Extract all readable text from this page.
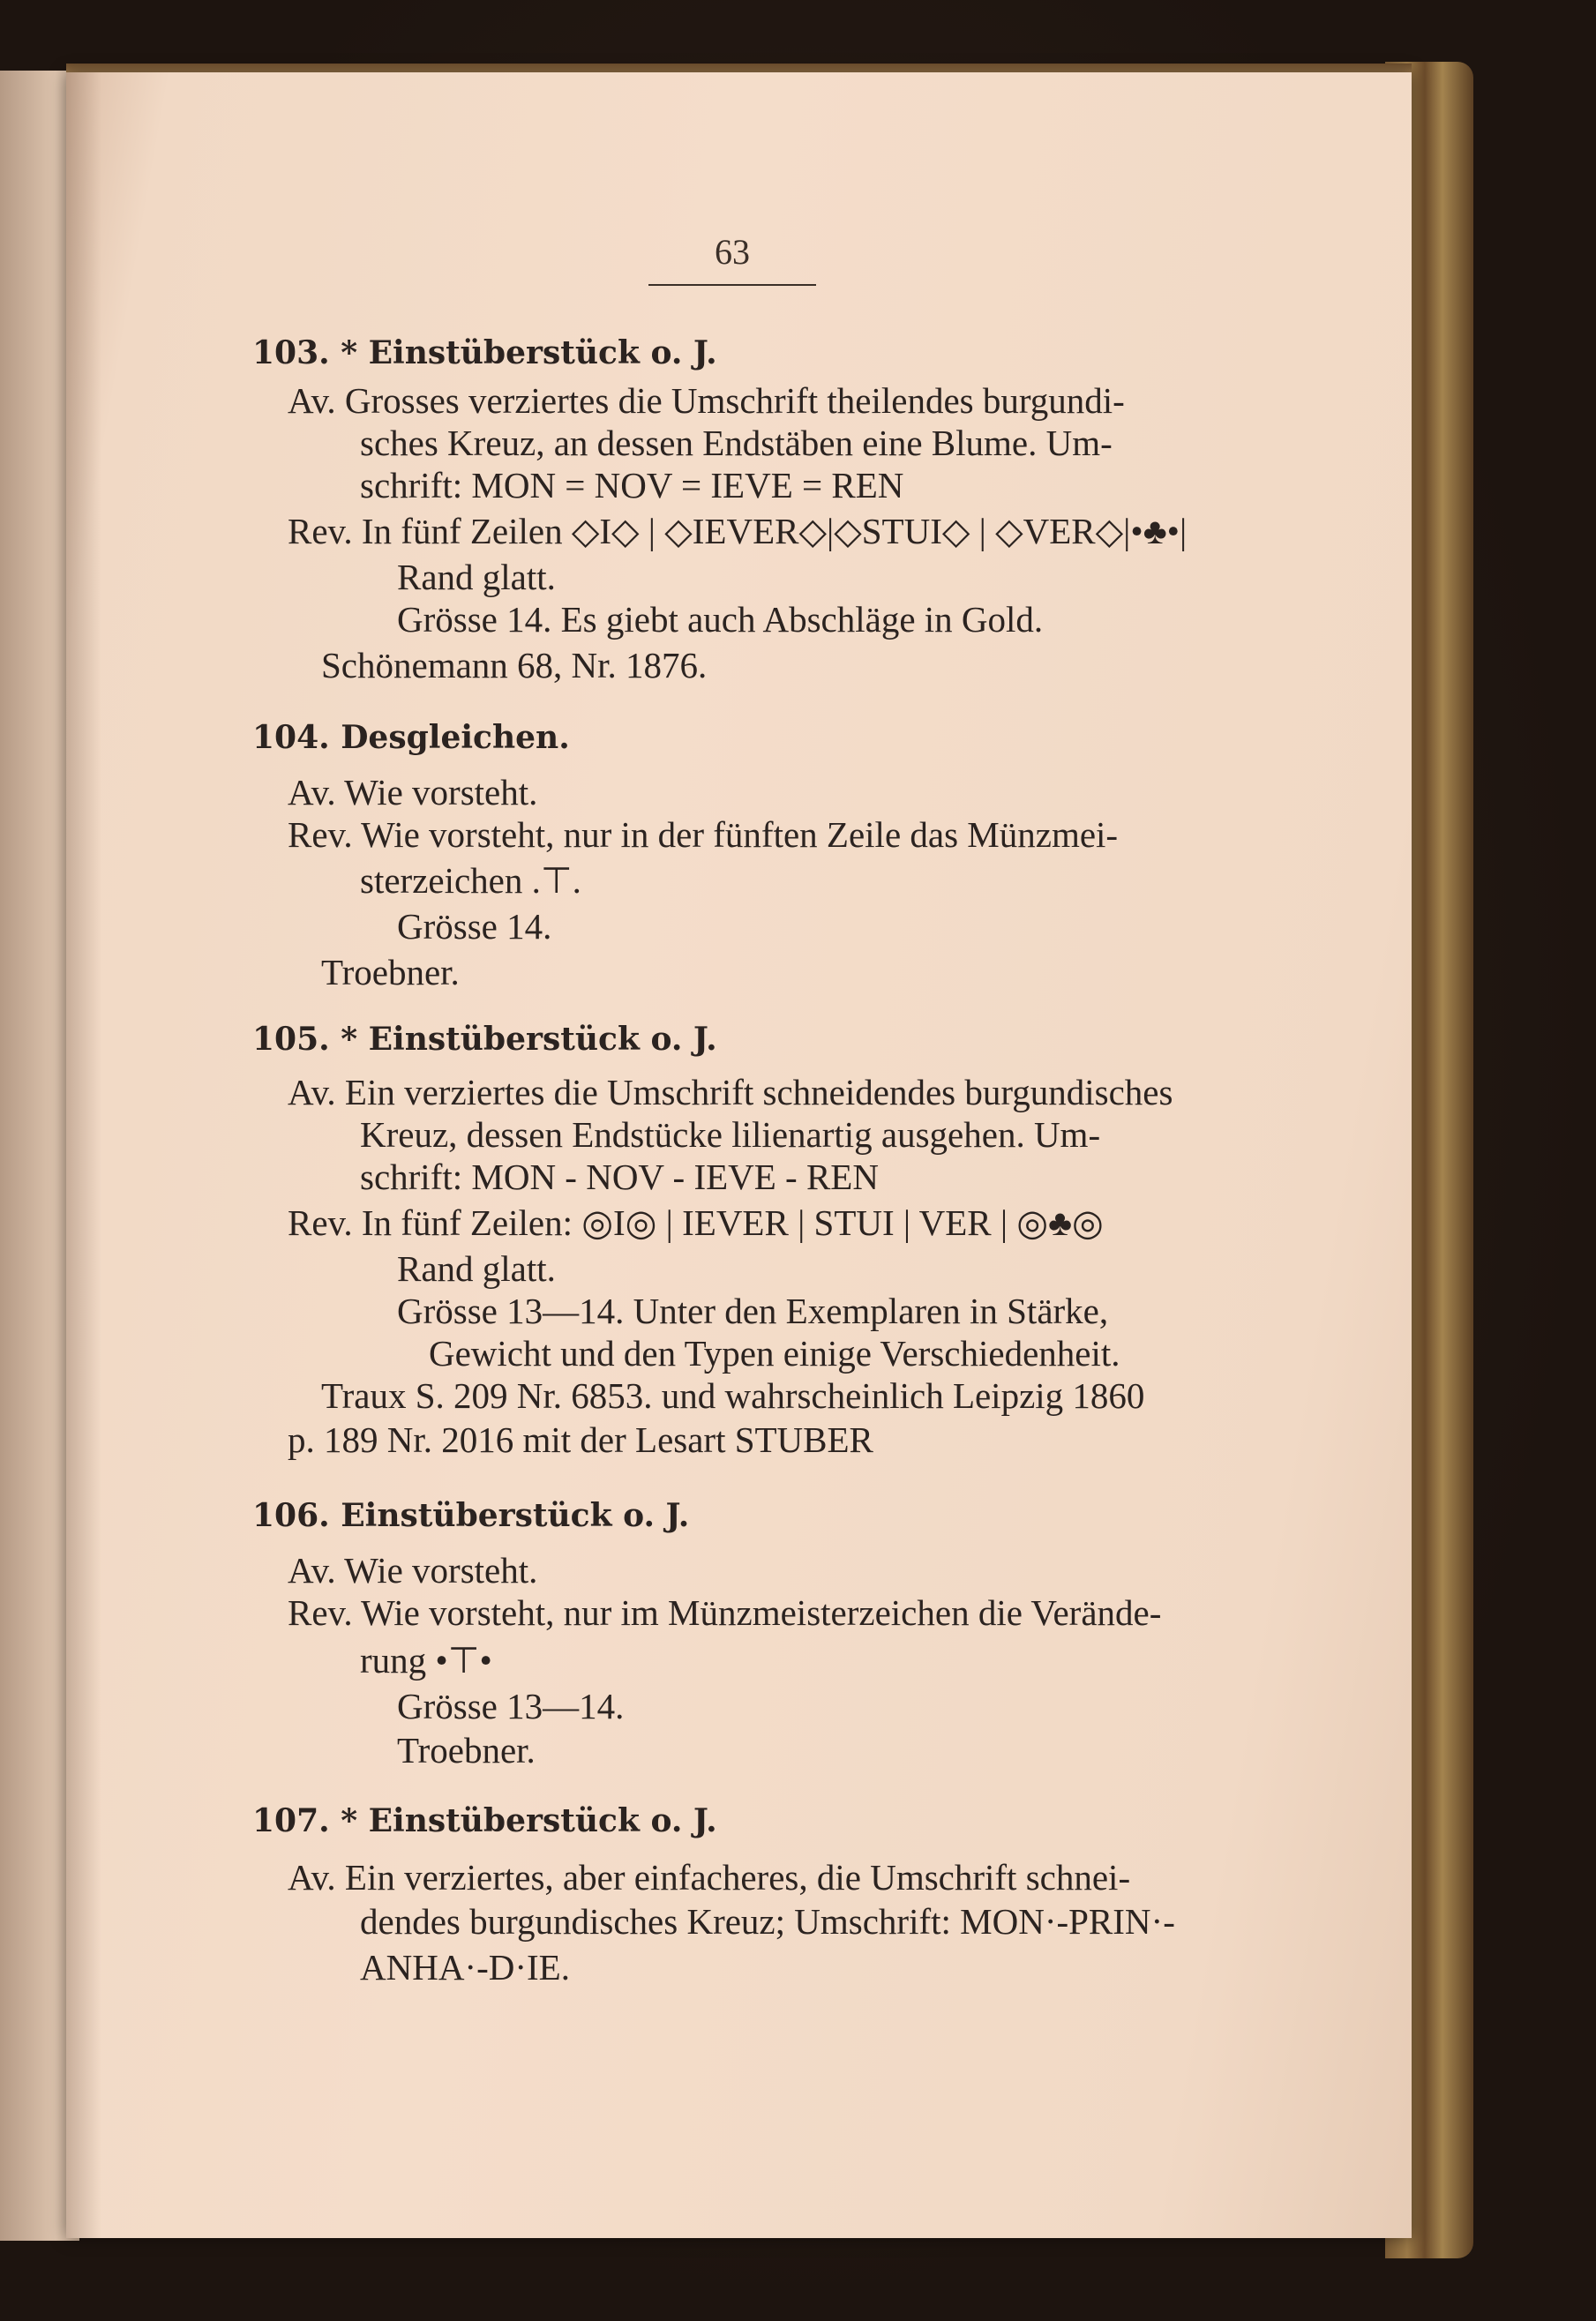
63
103. * Einstüberstück o. J.
Av. Grosses verziertes die Umschrift theilendes burgundi-
sches Kreuz, an dessen Endstäben eine Blume. Um-
schrift: MON = NOV = IEVE = REN
Rev. In fünf Zeilen ◇I◇ | ◇IEVER◇|◇STUI◇ | ◇VER◇|•♣•|
Rand glatt.
Grösse 14. Es giebt auch Abschläge in Gold.
Schönemann 68, Nr. 1876.
104. Desgleichen.
Av. Wie vorsteht.
Rev. Wie vorsteht, nur in der fünften Zeile das Münzmei-
sterzeichen .⊤.
Grösse 14.
Troebner.
105. * Einstüberstück o. J.
Av. Ein verziertes die Umschrift schneidendes burgundisches
Kreuz, dessen Endstücke lilienartig ausgehen. Um-
schrift: MON - NOV - IEVE - REN
Rev. In fünf Zeilen: ◎I◎ | IEVER | STUI | VER | ◎♣◎
Rand glatt.
Grösse 13—14. Unter den Exemplaren in Stärke,
Gewicht und den Typen einige Verschiedenheit.
Traux S. 209 Nr. 6853. und wahrscheinlich Leipzig 1860
p. 189 Nr. 2016 mit der Lesart STUBER
106. Einstüberstück o. J.
Av. Wie vorsteht.
Rev. Wie vorsteht, nur im Münzmeisterzeichen die Verände-
rung •⊤•
Grösse 13—14.
Troebner.
107. * Einstüberstück o. J.
Av. Ein verziertes, aber einfacheres, die Umschrift schnei-
dendes burgundisches Kreuz; Umschrift: MON·-PRIN·-
ANHA·-D·IE.
